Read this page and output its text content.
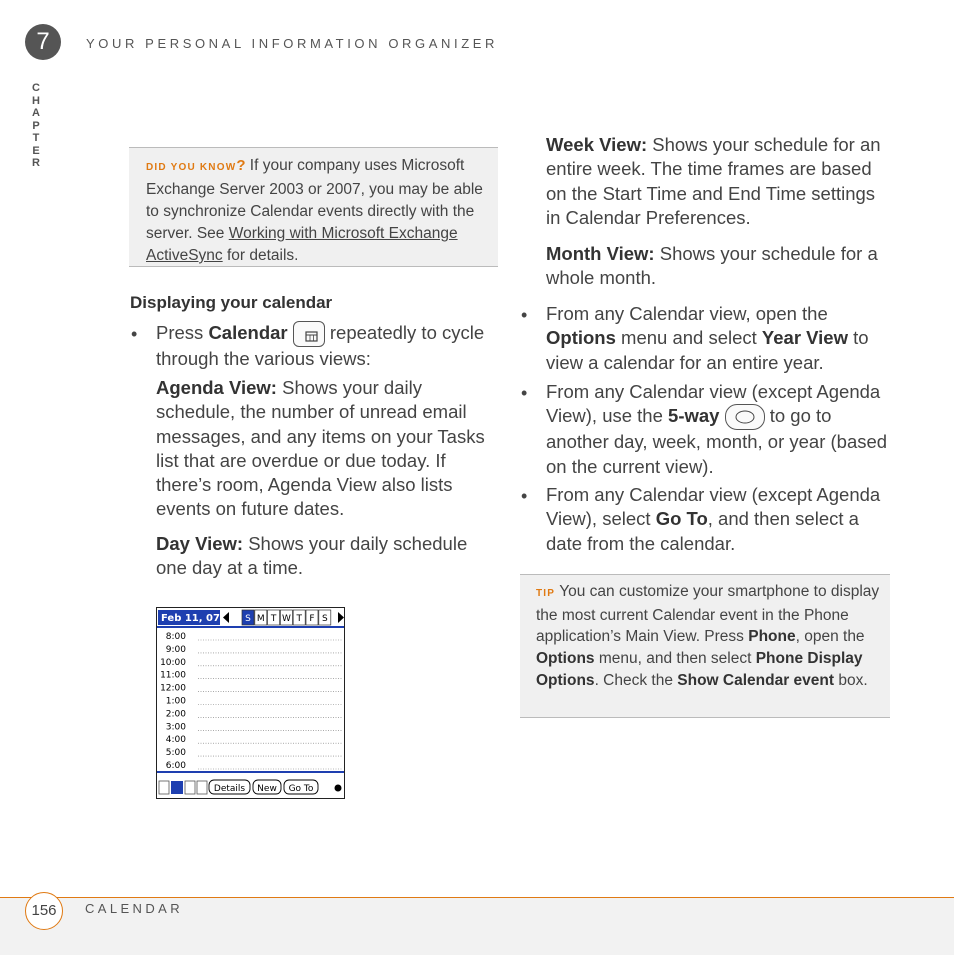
7	YOUR PERSONAL INFORMATION ORGANIZER
C
H
A
P
T
E
R	DID YOU KNOW? If your company uses Microsoft Exchange Server 2003 or 2007, you may be able to synchronize Calendar events directly with the server. See Working with Microsoft Exchange ActiveSync for details.
Displaying your calendar
• Press Calendar  repeatedly to cycle through the various views:
Agenda View: Shows your daily schedule, the number of unread email messages, and any items on your Tasks list that are overdue or due today. If there’s room, Agenda View also lists events on future dates.
Day View: Shows your daily schedule one day at a time.
Feb 11, 07	S M T W T F S
8:00
9:00
10:00
11:00
12:00
1:00
2:00
3:00
4:00
5:00
6:00
Details New Go To
Week View: Shows your schedule for an entire week. The time frames are based on the Start Time and End Time settings in Calendar Preferences.
Month View: Shows your schedule for a whole month.
• From any Calendar view, open the Options menu and select Year View to view a calendar for an entire year.
• From any Calendar view (except Agenda View), use the 5-way  to go to another day, week, month, or year (based on the current view).
• From any Calendar view (except Agenda View), select Go To, and then select a date from the calendar.
TIP You can customize your smartphone to display the most current Calendar event in the Phone application’s Main View. Press Phone, open the Options menu, and then select Phone Display Options. Check the Show Calendar event box.
156	CALENDAR
